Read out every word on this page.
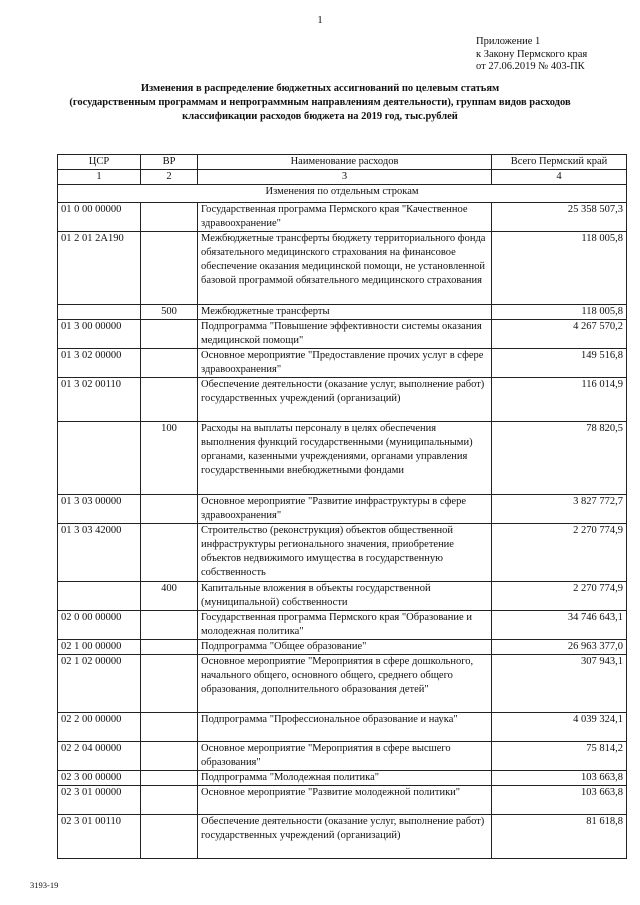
1
Приложение 1
к Закону Пермского края
от 27.06.2019 № 403-ПК
Изменения в распределение бюджетных ассигнований по целевым статьям
(государственным программам и непрограммным направлениям деятельности), группам видов расходов
классификации расходов бюджета на 2019 год, тыс.рублей
ЦСР	ВР	Наименование расходов	Всего Пермский край
1	2	3	4
Изменения по отдельным строкам			
01 0 00 00000		Государственная программа Пермского края "Качественное здравоохранение"	25 358 507,3
01 2 01 2А190		Межбюджетные трансферты бюджету территориального фонда обязательного медицинского страхования на финансовое обеспечение оказания медицинской помощи, не установленной базовой программой обязательного медицинского страхования	118 005,8
	500	Межбюджетные трансферты	118 005,8
01 3 00 00000		Подпрограмма "Повышение эффективности системы оказания медицинской помощи"	4 267 570,2
01 3 02 00000		Основное мероприятие "Предоставление прочих услуг в сфере здравоохранения"	149 516,8
01 3 02 00110		Обеспечение деятельности (оказание услуг, выполнение работ) государственных учреждений (организаций)	116 014,9
	100	Расходы на выплаты персоналу в целях обеспечения выполнения функций государственными (муниципальными) органами, казенными учреждениями, органами управления государственными внебюджетными фондами	78 820,5
01 3 03 00000		Основное мероприятие "Развитие инфраструктуры в сфере здравоохранения"	3 827 772,7
01 3 03 42000		Строительство (реконструкция) объектов общественной инфраструктуры регионального значения, приобретение объектов недвижимого имущества в государственную собственность	2 270 774,9
	400	Капитальные вложения в объекты государственной (муниципальной) собственности	2 270 774,9
02 0 00 00000		Государственная программа Пермского края "Образование и молодежная политика"	34 746 643,1
02 1 00 00000		Подпрограмма "Общее образование"	26 963 377,0
02 1 02 00000		Основное мероприятие "Мероприятия в сфере дошкольного, начального общего, основного общего, среднего общего образования, дополнительного образования детей"	307 943,1
02 2 00 00000		Подпрограмма "Профессиональное образование и наука"	4 039 324,1
02 2 04 00000		Основное мероприятие "Мероприятия в сфере высшего образования"	75 814,2
02 3 00 00000		Подпрограмма "Молодежная политика"	103 663,8
02 3 01 00000		Основное мероприятие "Развитие молодежной политики"	103 663,8
02 3 01 00110		Обеспечение деятельности (оказание услуг, выполнение работ) государственных учреждений (организаций)	81 618,8
3193-19
